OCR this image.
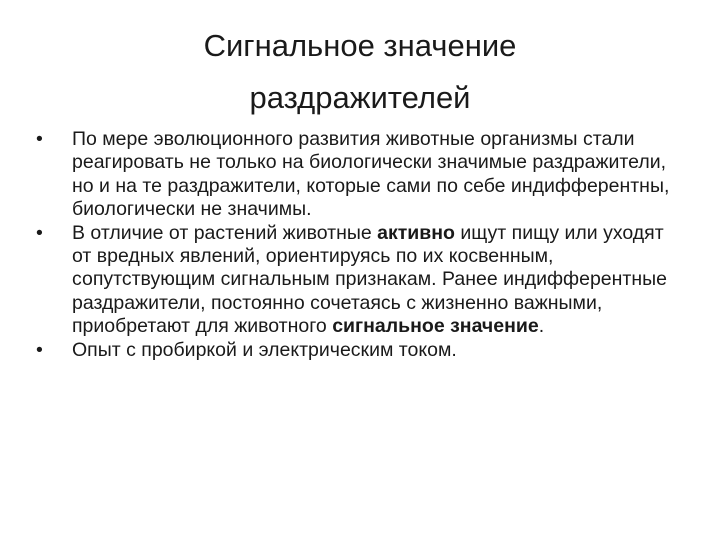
Сигнальное значение
раздражителей
•	По мере эволюционного развития животные организмы стали реагировать не только на биологически значимые раздражители, но и на те раздражители, которые сами по себе индифферентны, биологически не значимы.
•	В отличие от растений животные активно ищут пищу или уходят от вредных явлений, ориентируясь по их косвенным, сопутствующим сигнальным признакам. Ранее индифферентные раздражители, постоянно сочетаясь с жизненно важными, приобретают для животного сигнальное значение.
•	Опыт с пробиркой и электрическим током.
